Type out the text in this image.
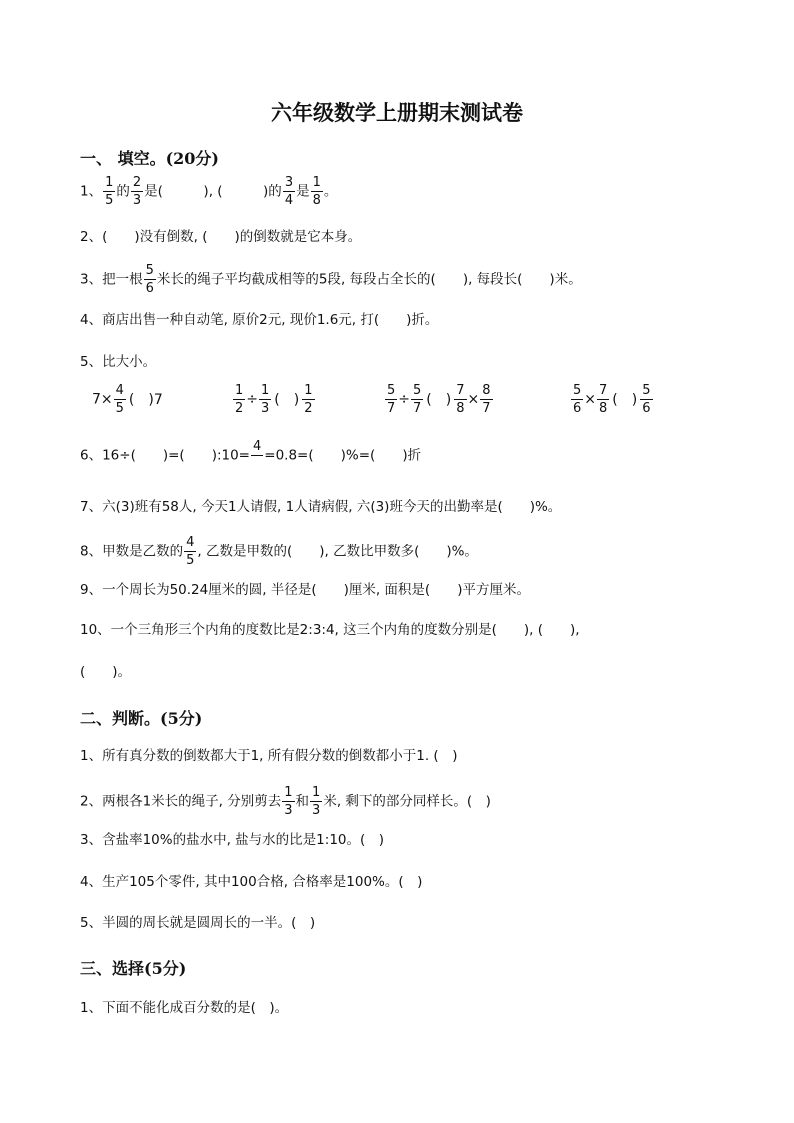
六年级数学上册期末测试卷
一、 填空。(20分)
1、 $\frac{1}{5}$ 的 $\frac{2}{3}$ 是(　　　), (　　　)的 $\frac{3}{4}$ 是 $\frac{1}{8}$ 。
2、(　　)没有倒数, (　　)的倒数就是它本身。
3、把一根 $\frac{5}{6}$ 米长的绳子平均截成相等的5段, 每段占全长的(　　), 每段长(　　)米。
4、商店出售一种自动笔, 原价2元, 现价1.6元, 打(　　)折。
5、比大小。
$7\times \frac{4}{5}$ (　)7	$\frac{1}{2} \div \frac{1}{3}$ (　) $\frac{1}{2}$	$\frac{5}{7} \div \frac{5}{7}$ (　) $\frac{7}{8} \times \frac{8}{7}$	$\frac{5}{6} \times \frac{7}{8}$ (　) $\frac{5}{6}$
6、16÷(　　)=(　　):10=
4

=0.8=(　　)%=(　　)折
7、六(3)班有58人, 今天1人请假, 1人请病假, 六(3)班今天的出勤率是(　　)%。
8、甲数是乙数的 $\frac{4}{5}$ , 乙数是甲数的(　　), 乙数比甲数多(　　)%。
9、一个周长为50.24厘米的圆, 半径是(　　)厘米, 面积是(　　)平方厘米。
10、一个三角形三个内角的度数比是2:3:4, 这三个内角的度数分别是(　　), (　　),
(　　)。
二、判断。(5分)
1、所有真分数的倒数都大于1, 所有假分数的倒数都小于1. (　)
2、两根各1米长的绳子, 分别剪去 $\frac{1}{3}$ 和 $\frac{1}{3}$ 米, 剩下的部分同样长。(　)
3、含盐率10%的盐水中, 盐与水的比是1:10。(　)
4、生产105个零件, 其中100合格, 合格率是100%。(　)
5、半圆的周长就是圆周长的一半。(　)
三、选择(5分)
1、下面不能化成百分数的是(　)。
